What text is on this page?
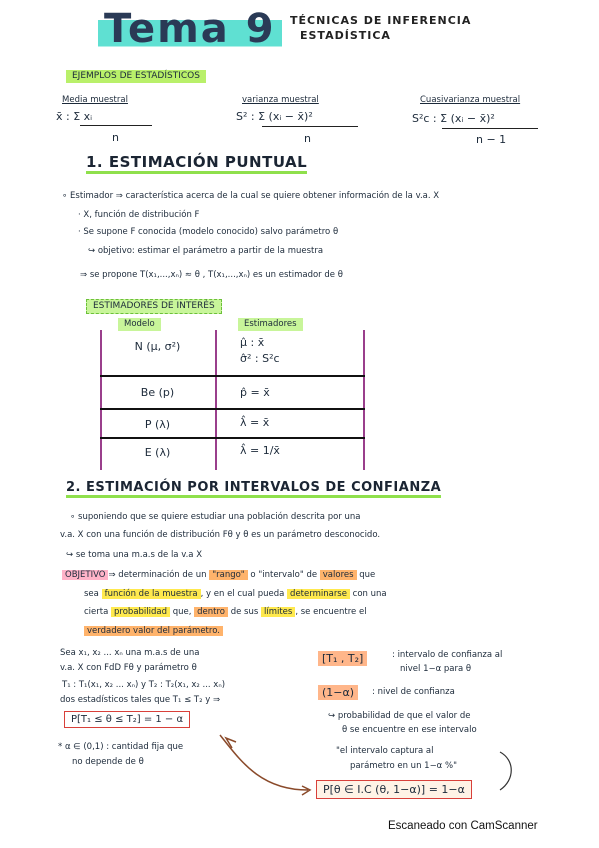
Tema 9	TÉCNICAS DE INFERENCIA
ESTADÍSTICA
EJEMPLOS DE ESTADÍSTICOS
Media muestral
x̄ : Σ xᵢ
n
varianza muestral
S² : Σ (xᵢ − x̄)²
n
Cuasivarianza muestral
S²c : Σ (xᵢ − x̄)²
n − 1
1. ESTIMACIÓN PUNTUAL
∘ Estimador ⇒ característica acerca de la cual se quiere obtener información de la v.a. X
· X, función de distribución F
· Se supone F conocida (modelo conocido) salvo parámetro θ
↪ objetivo: estimar el parámetro a partir de la muestra
⇒ se propone T(x₁,...,xₙ) ≈ θ , T(x₁,...,xₙ) es un estimador de θ
ESTIMADORES DE INTERÉS
Modelo	Estimadores
N (μ, σ²)	μ̂ : x̄
σ̂² : S²c
Be (p)	p̂ = x̄
P (λ)	λ̂ = x̄
E (λ)	λ̂ = 1/x̄
2. ESTIMACIÓN POR INTERVALOS DE CONFIANZA
∘ suponiendo que se quiere estudiar una población descrita por una
v.a. X con una función de distribución Fθ y θ es un parámetro desconocido.
↪ se toma una m.a.s de la v.a X
OBJETIVO ⇒ determinación de un "rango" o "intervalo" de valores que
sea función de la muestra , y en el cual pueda determinarse con una
cierta probabilidad que, dentro de sus límites , se encuentre el
verdadero valor del parámetro.
Sea x₁, x₂ ... xₙ una m.a.s de una
v.a. X con FdD Fθ y parámetro θ
T₁ : T₁(x₁, x₂ ... xₙ) y T₂ : T₂(x₁, x₂ ... xₙ)
dos estadísticos tales que T₁ ≤ T₂ y ⇒
P[T₁ ≤ θ ≤ T₂] = 1 − α
* α ∈ (0,1) : cantidad fija que
no depende de θ
[T₁ , T₂]	: intervalo de confianza al
nivel 1−α para θ
(1−α)	: nivel de confianza
↪ probabilidad de que el valor de
θ se encuentre en ese intervalo
"el intervalo captura al
parámetro en un 1−α %"
P[θ ∈ I.C (θ, 1−α)] = 1−α
Escaneado con CamScanner
